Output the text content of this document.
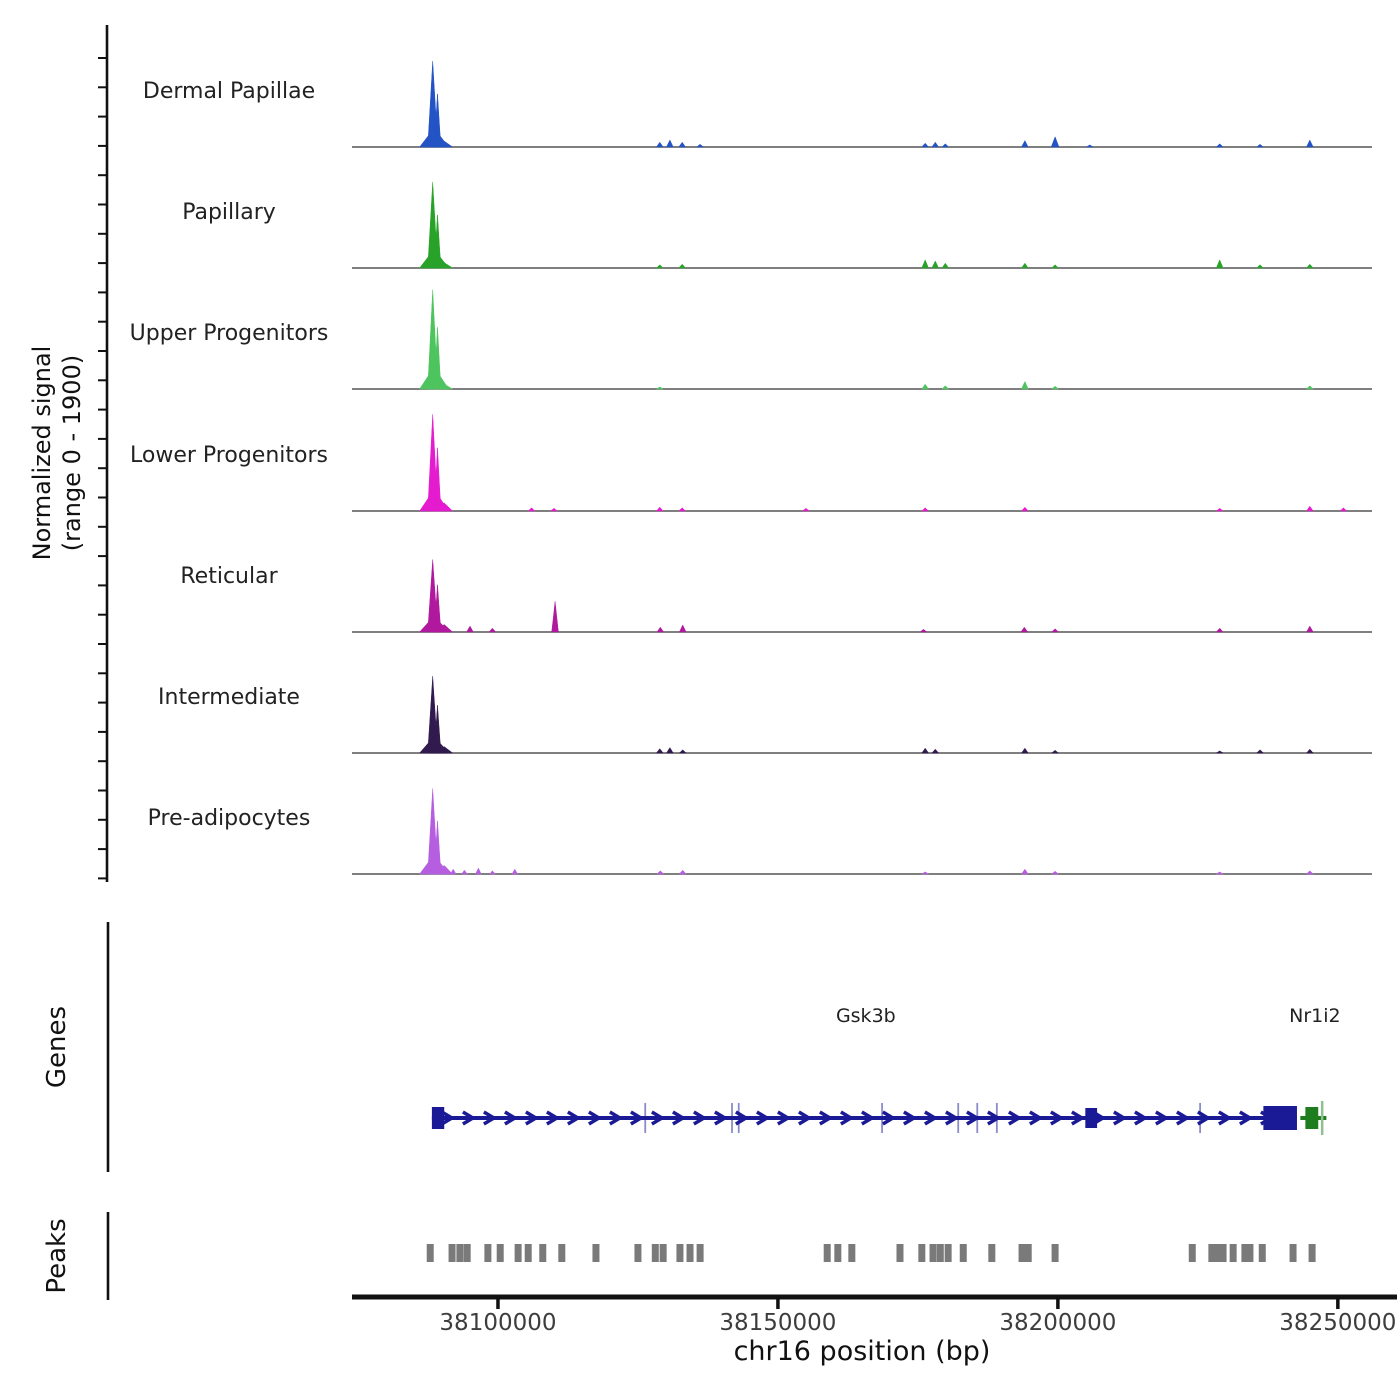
Normalized signal (range 0 - 1900)
Dermal Papillae
Papillary
Upper Progenitors
Lower Progenitors
Reticular
Intermediate
Pre-adipocytes
Genes	Gsk3b	Nr1i2
Peaks
38100000	38150000	38200000	38250000
chr16 position (bp)
